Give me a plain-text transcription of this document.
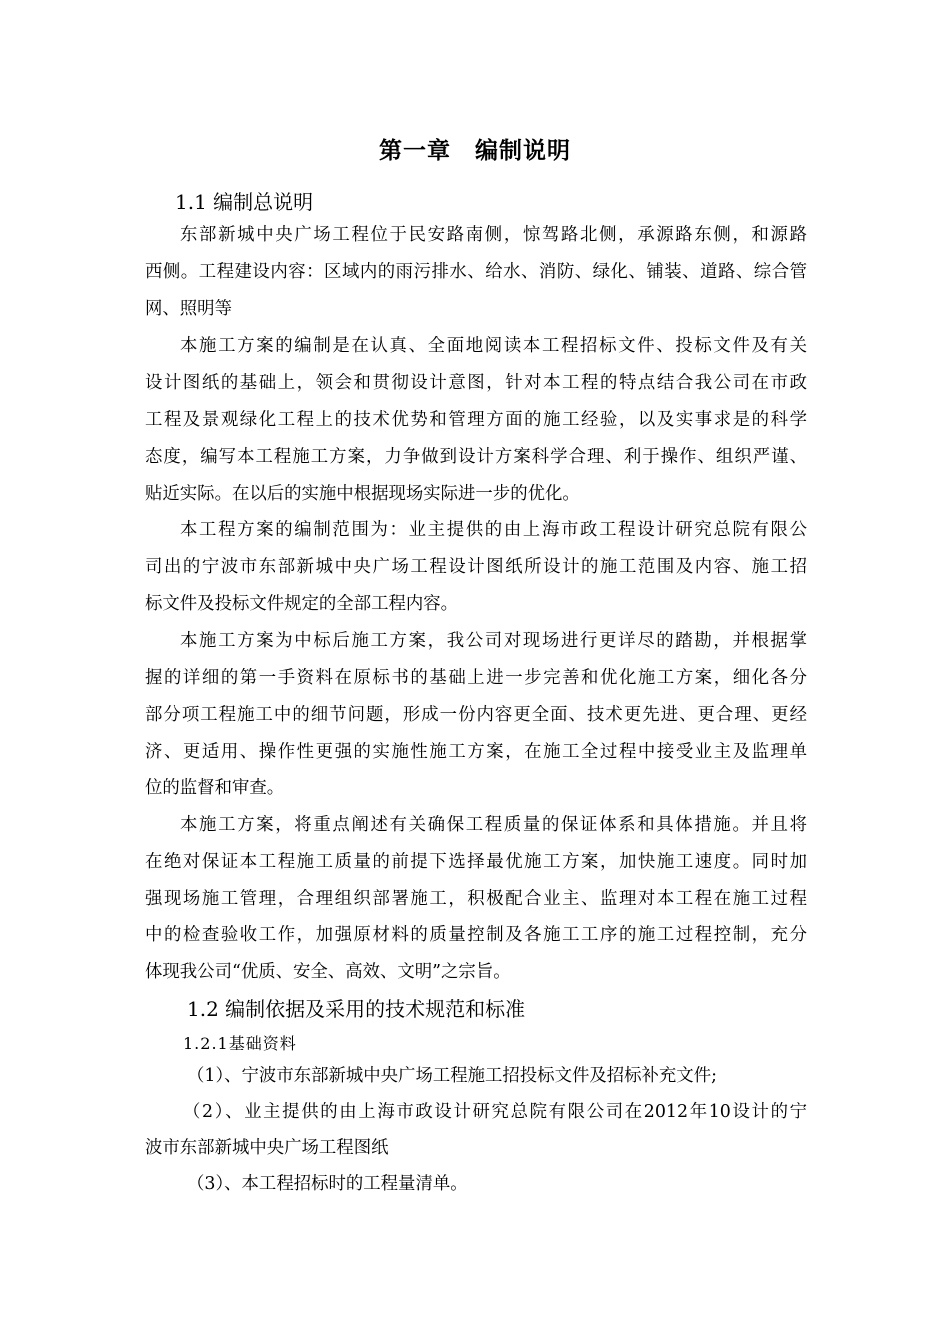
第一章　编制说明
1.1 编制总说明
东部新城中央广场工程位于民安路南侧，惊驾路北侧，承源路东侧，和源路
西侧。工程建设内容：区域内的雨污排水、给水、消防、绿化、铺装、道路、综合管
网、照明等
本施工方案的编制是在认真、全面地阅读本工程招标文件、投标文件及有关
设计图纸的基础上，领会和贯彻设计意图，针对本工程的特点结合我公司在市政
工程及景观绿化工程上的技术优势和管理方面的施工经验，以及实事求是的科学
态度，编写本工程施工方案，力争做到设计方案科学合理、利于操作、组织严谨、
贴近实际。在以后的实施中根据现场实际进一步的优化。
本工程方案的编制范围为：业主提供的由上海市政工程设计研究总院有限公
司出的宁波市东部新城中央广场工程设计图纸所设计的施工范围及内容、施工招
标文件及投标文件规定的全部工程内容。
本施工方案为中标后施工方案，我公司对现场进行更详尽的踏勘，并根据掌
握的详细的第一手资料在原标书的基础上进一步完善和优化施工方案，细化各分
部分项工程施工中的细节问题，形成一份内容更全面、技术更先进、更合理、更经
济、更适用、操作性更强的实施性施工方案，在施工全过程中接受业主及监理单
位的监督和审查。
本施工方案，将重点阐述有关确保工程质量的保证体系和具体措施。并且将
在绝对保证本工程施工质量的前提下选择最优施工方案，加快施工速度。同时加
强现场施工管理，合理组织部署施工，积极配合业主、监理对本工程在施工过程
中的检查验收工作，加强原材料的质量控制及各施工工序的施工过程控制，充分
体现我公司“优质、安全、高效、文明”之宗旨。
1.2 编制依据及采用的技术规范和标准
1.2.1基础资料
（1）、宁波市东部新城中央广场工程施工招投标文件及招标补充文件;
（2）、业主提供的由上海市政设计研究总院有限公司在2012年10设计的宁
波市东部新城中央广场工程图纸
（3）、本工程招标时的工程量清单。
